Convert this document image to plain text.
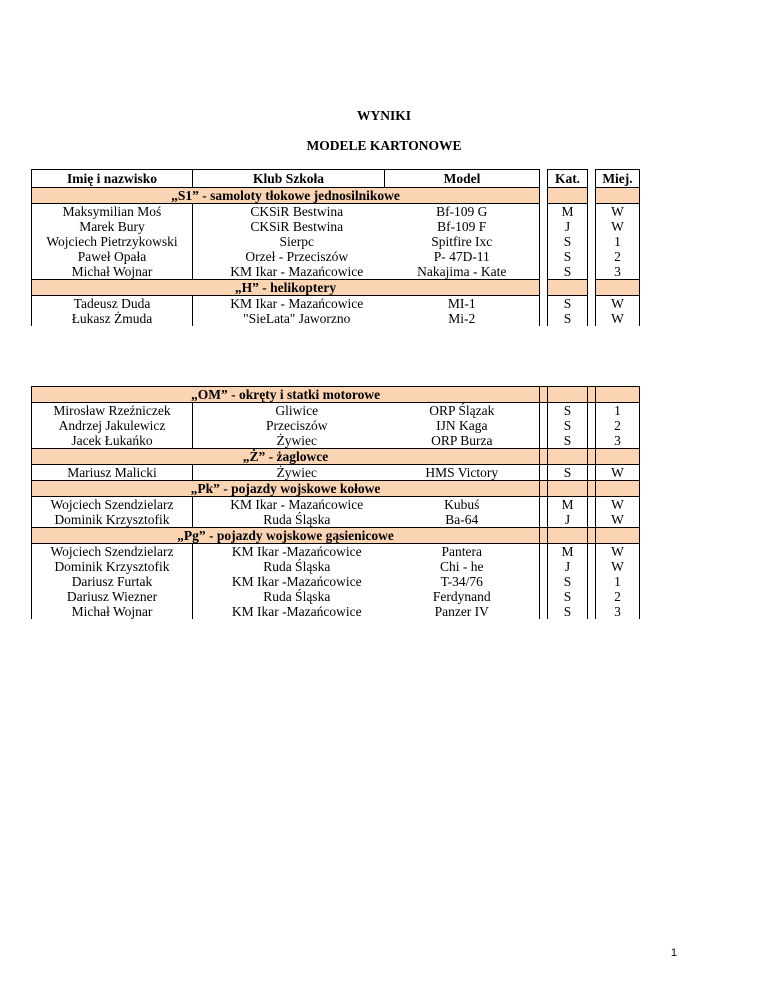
WYNIKI
MODELE KARTONOWE
Imię i nazwisko	Klub Szkoła	Model		Kat.		Miej.
„S1” - samoloty tłokowe jednosilnikowe						
Maksymilian Moś	CKSiR Bestwina	Bf-109 G		M		W
Marek Bury	CKSiR Bestwina	Bf-109 F		J		W
Wojciech Pietrzykowski	Sierpc	Spitfire Ixc		S		1
Paweł Opała	Orzeł - Przeciszów	P- 47D-11		S		2
Michał Wojnar	KM Ikar - Mazańcowice	Nakajima - Kate		S		3
„H” - helikoptery						
Tadeusz Duda	KM Ikar - Mazańcowice	MI-1		S		W
Łukasz Żmuda	"SieLata" Jaworzno	Mi-2		S		W
„OM” - okręty i statki motorowe						
Mirosław Rzeźniczek	Gliwice	ORP Ślązak		S		1
Andrzej Jakulewicz	Przeciszów	IJN Kaga		S		2
Jacek Łukańko	Żywiec	ORP Burza		S		3
„Ż” - żaglowce						
Mariusz Malicki	Żywiec	HMS Victory		S		W
„Pk” - pojazdy wojskowe kołowe						
Wojciech Szendzielarz	KM Ikar - Mazańcowice	Kubuś		M		W
Dominik Krzysztofik	Ruda Śląska	Ba-64		J		W
„Pg” - pojazdy wojskowe gąsienicowe						
Wojciech Szendzielarz	KM Ikar -Mazańcowice	Pantera		M		W
Dominik Krzysztofik	Ruda Śląska	Chi - he		J		W
Dariusz Furtak	KM Ikar -Mazańcowice	T-34/76		S		1
Dariusz Wiezner	Ruda Śląska	Ferdynand		S		2
Michał Wojnar	KM Ikar -Mazańcowice	Panzer IV		S		3
1
